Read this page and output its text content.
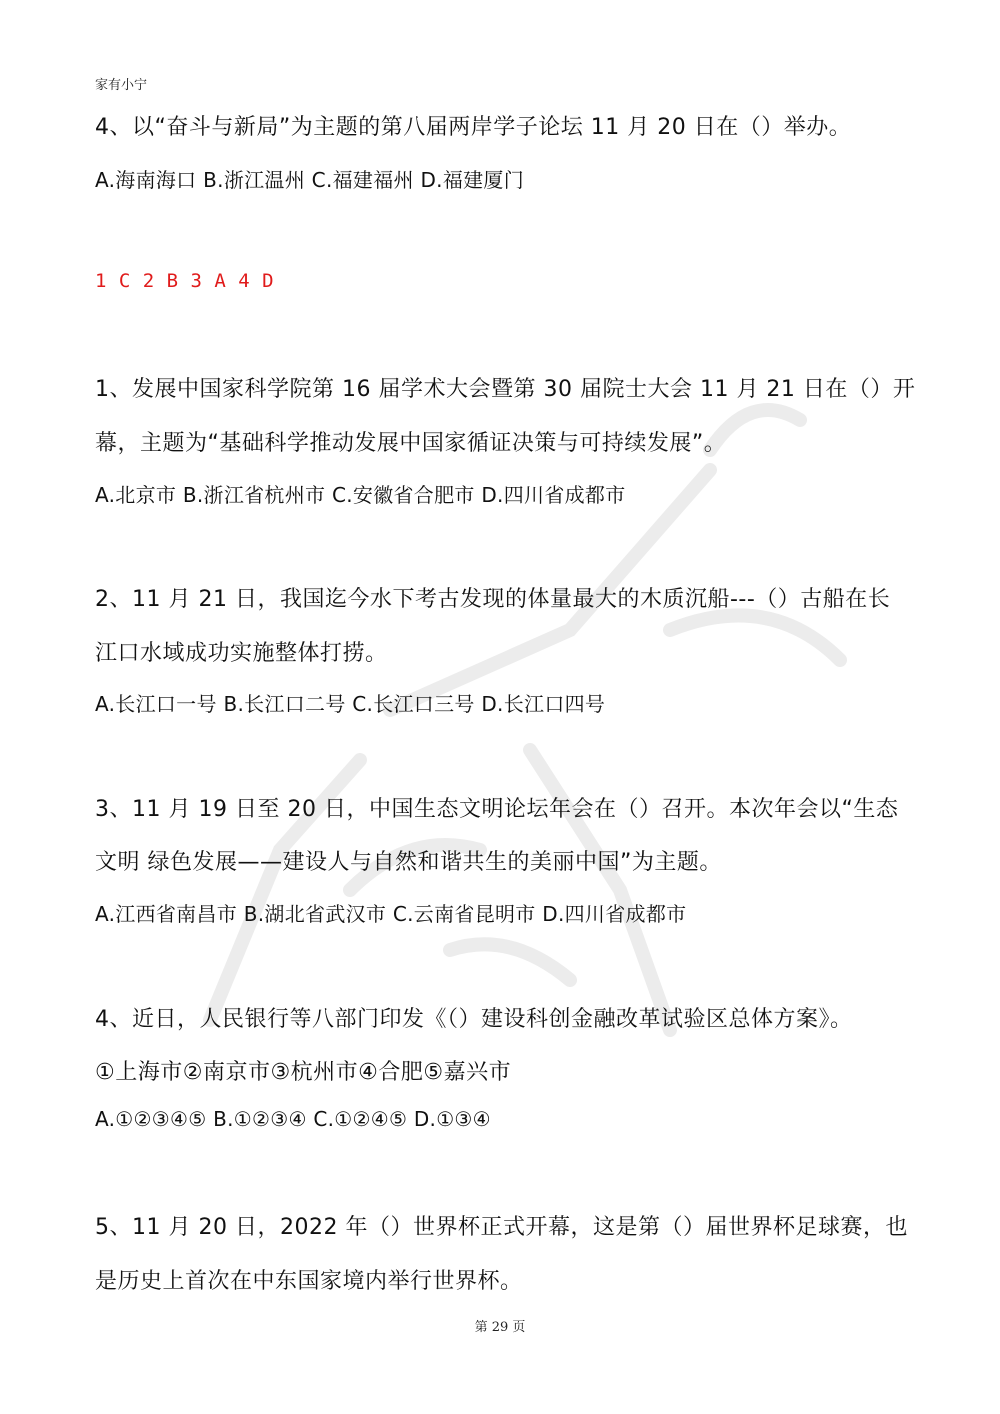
家有小宁
4、以“奋斗与新局”为主题的第八届两岸学子论坛 11 月 20 日在（）举办。
A.海南海口 B.浙江温州 C.福建福州 D.福建厦门
1 C 2 B 3 A 4 D
1、发展中国家科学院第 16 届学术大会暨第 30 届院士大会 11 月 21 日在（）开
幕，主题为“基础科学推动发展中国家循证决策与可持续发展”。
A.北京市 B.浙江省杭州市 C.安徽省合肥市 D.四川省成都市
2、11 月 21 日，我国迄今水下考古发现的体量最大的木质沉船---（）古船在长
江口水域成功实施整体打捞。
A.长江口一号 B.长江口二号 C.长江口三号 D.长江口四号
3、11 月 19 日至 20 日，中国生态文明论坛年会在（）召开。本次年会以“生态
文明 绿色发展——建设人与自然和谐共生的美丽中国”为主题。
A.江西省南昌市 B.湖北省武汉市 C.云南省昆明市 D.四川省成都市
4、近日，人民银行等八部门印发《（）建设科创金融改革试验区总体方案》。
①上海市②南京市③杭州市④合肥⑤嘉兴市
A.①②③④⑤ B.①②③④ C.①②④⑤ D.①③④
5、11 月 20 日，2022 年（）世界杯正式开幕，这是第（）届世界杯足球赛，也
是历史上首次在中东国家境内举行世界杯。
第 29 页
